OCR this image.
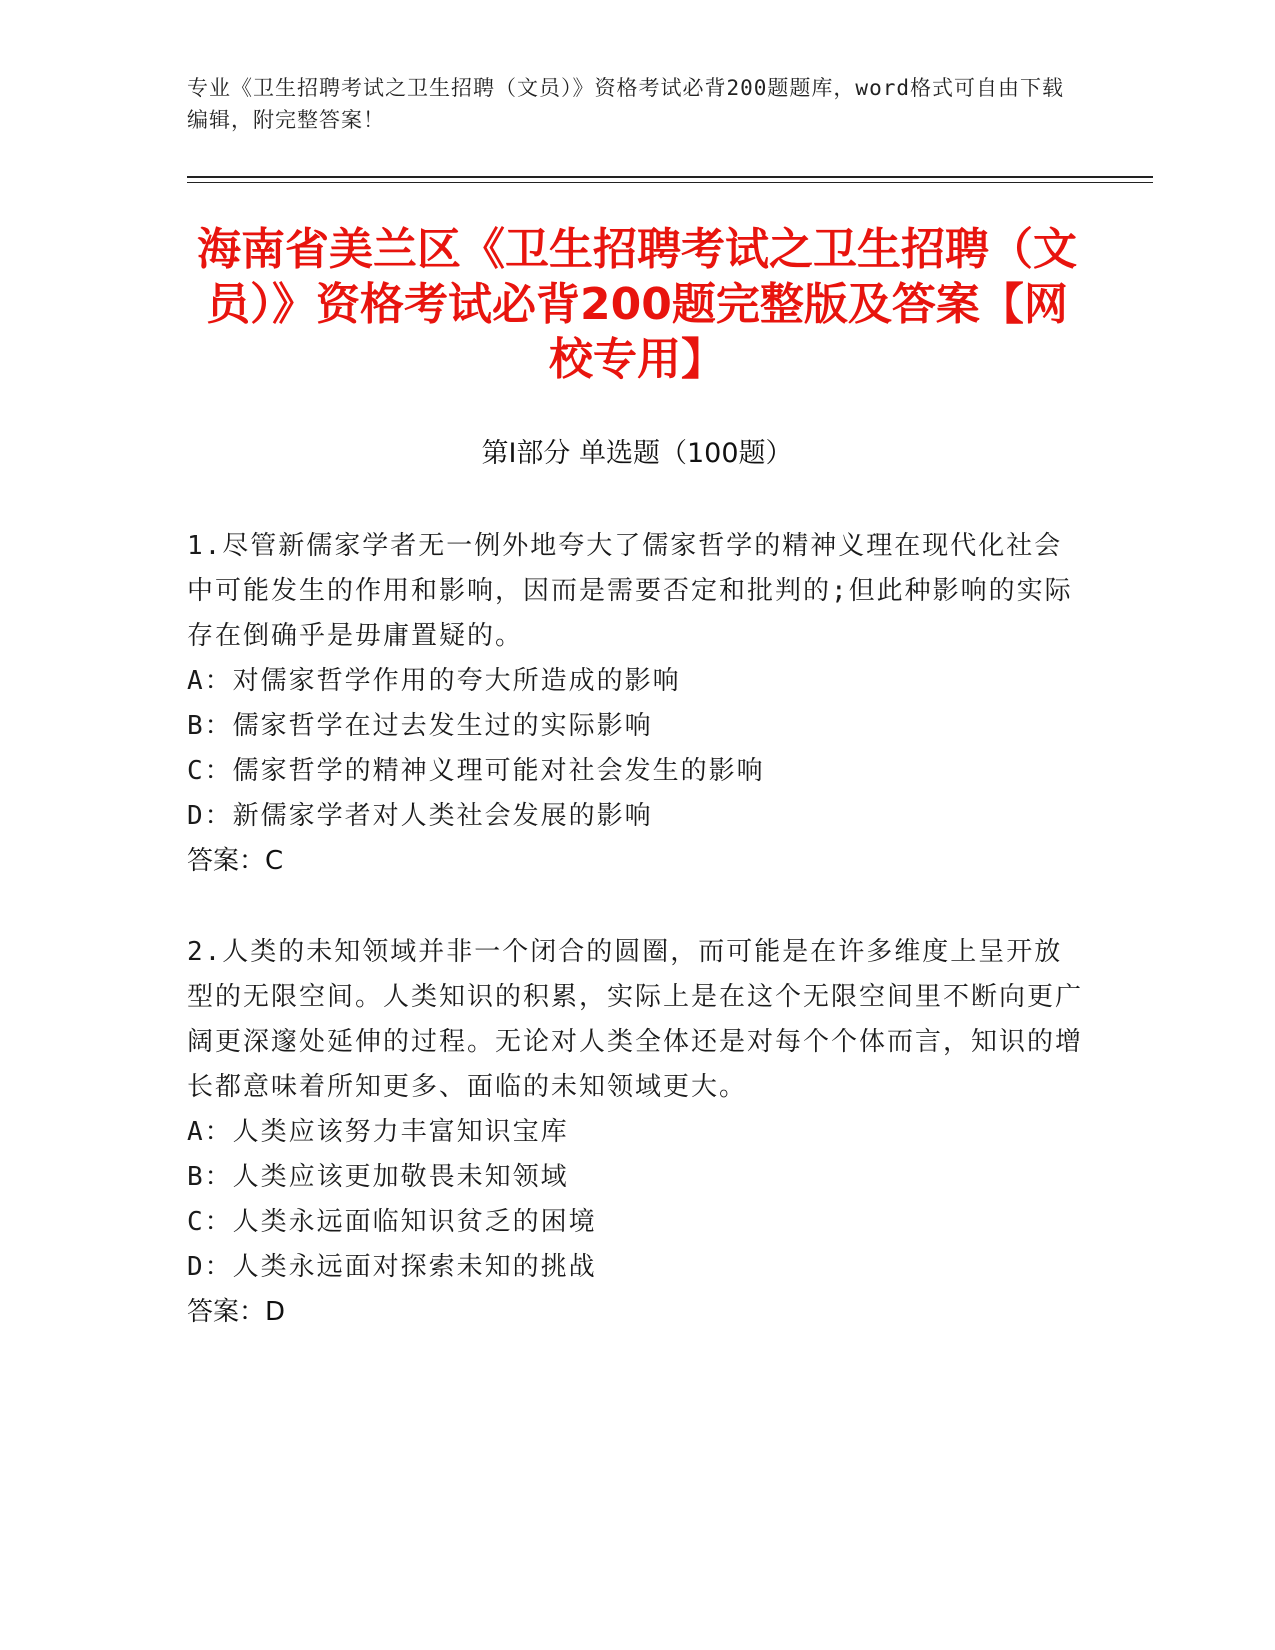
专业《卫生招聘考试之卫生招聘（文员）》资格考试必背200题题库，word格式可自由下载编辑，附完整答案！
海南省美兰区《卫生招聘考试之卫生招聘（文员）》资格考试必背200题完整版及答案【网校专用】
第I部分 单选题（100题）

1.尽管新儒家学者无一例外地夸大了儒家哲学的精神义理在现代化社会中可能发生的作用和影响，因而是需要否定和批判的;但此种影响的实际存在倒确乎是毋庸置疑的。

A：对儒家哲学作用的夸大所造成的影响

B：儒家哲学在过去发生过的实际影响

C：儒家哲学的精神义理可能对社会发生的影响

D：新儒家学者对人类社会发展的影响

答案：C

2.人类的未知领域并非一个闭合的圆圈，而可能是在许多维度上呈开放型的无限空间。人类知识的积累，实际上是在这个无限空间里不断向更广阔更深邃处延伸的过程。无论对人类全体还是对每个个体而言，知识的增长都意味着所知更多、面临的未知领域更大。

A：人类应该努力丰富知识宝库

B：人类应该更加敬畏未知领域

C：人类永远面临知识贫乏的困境

D：人类永远面对探索未知的挑战

答案：D
